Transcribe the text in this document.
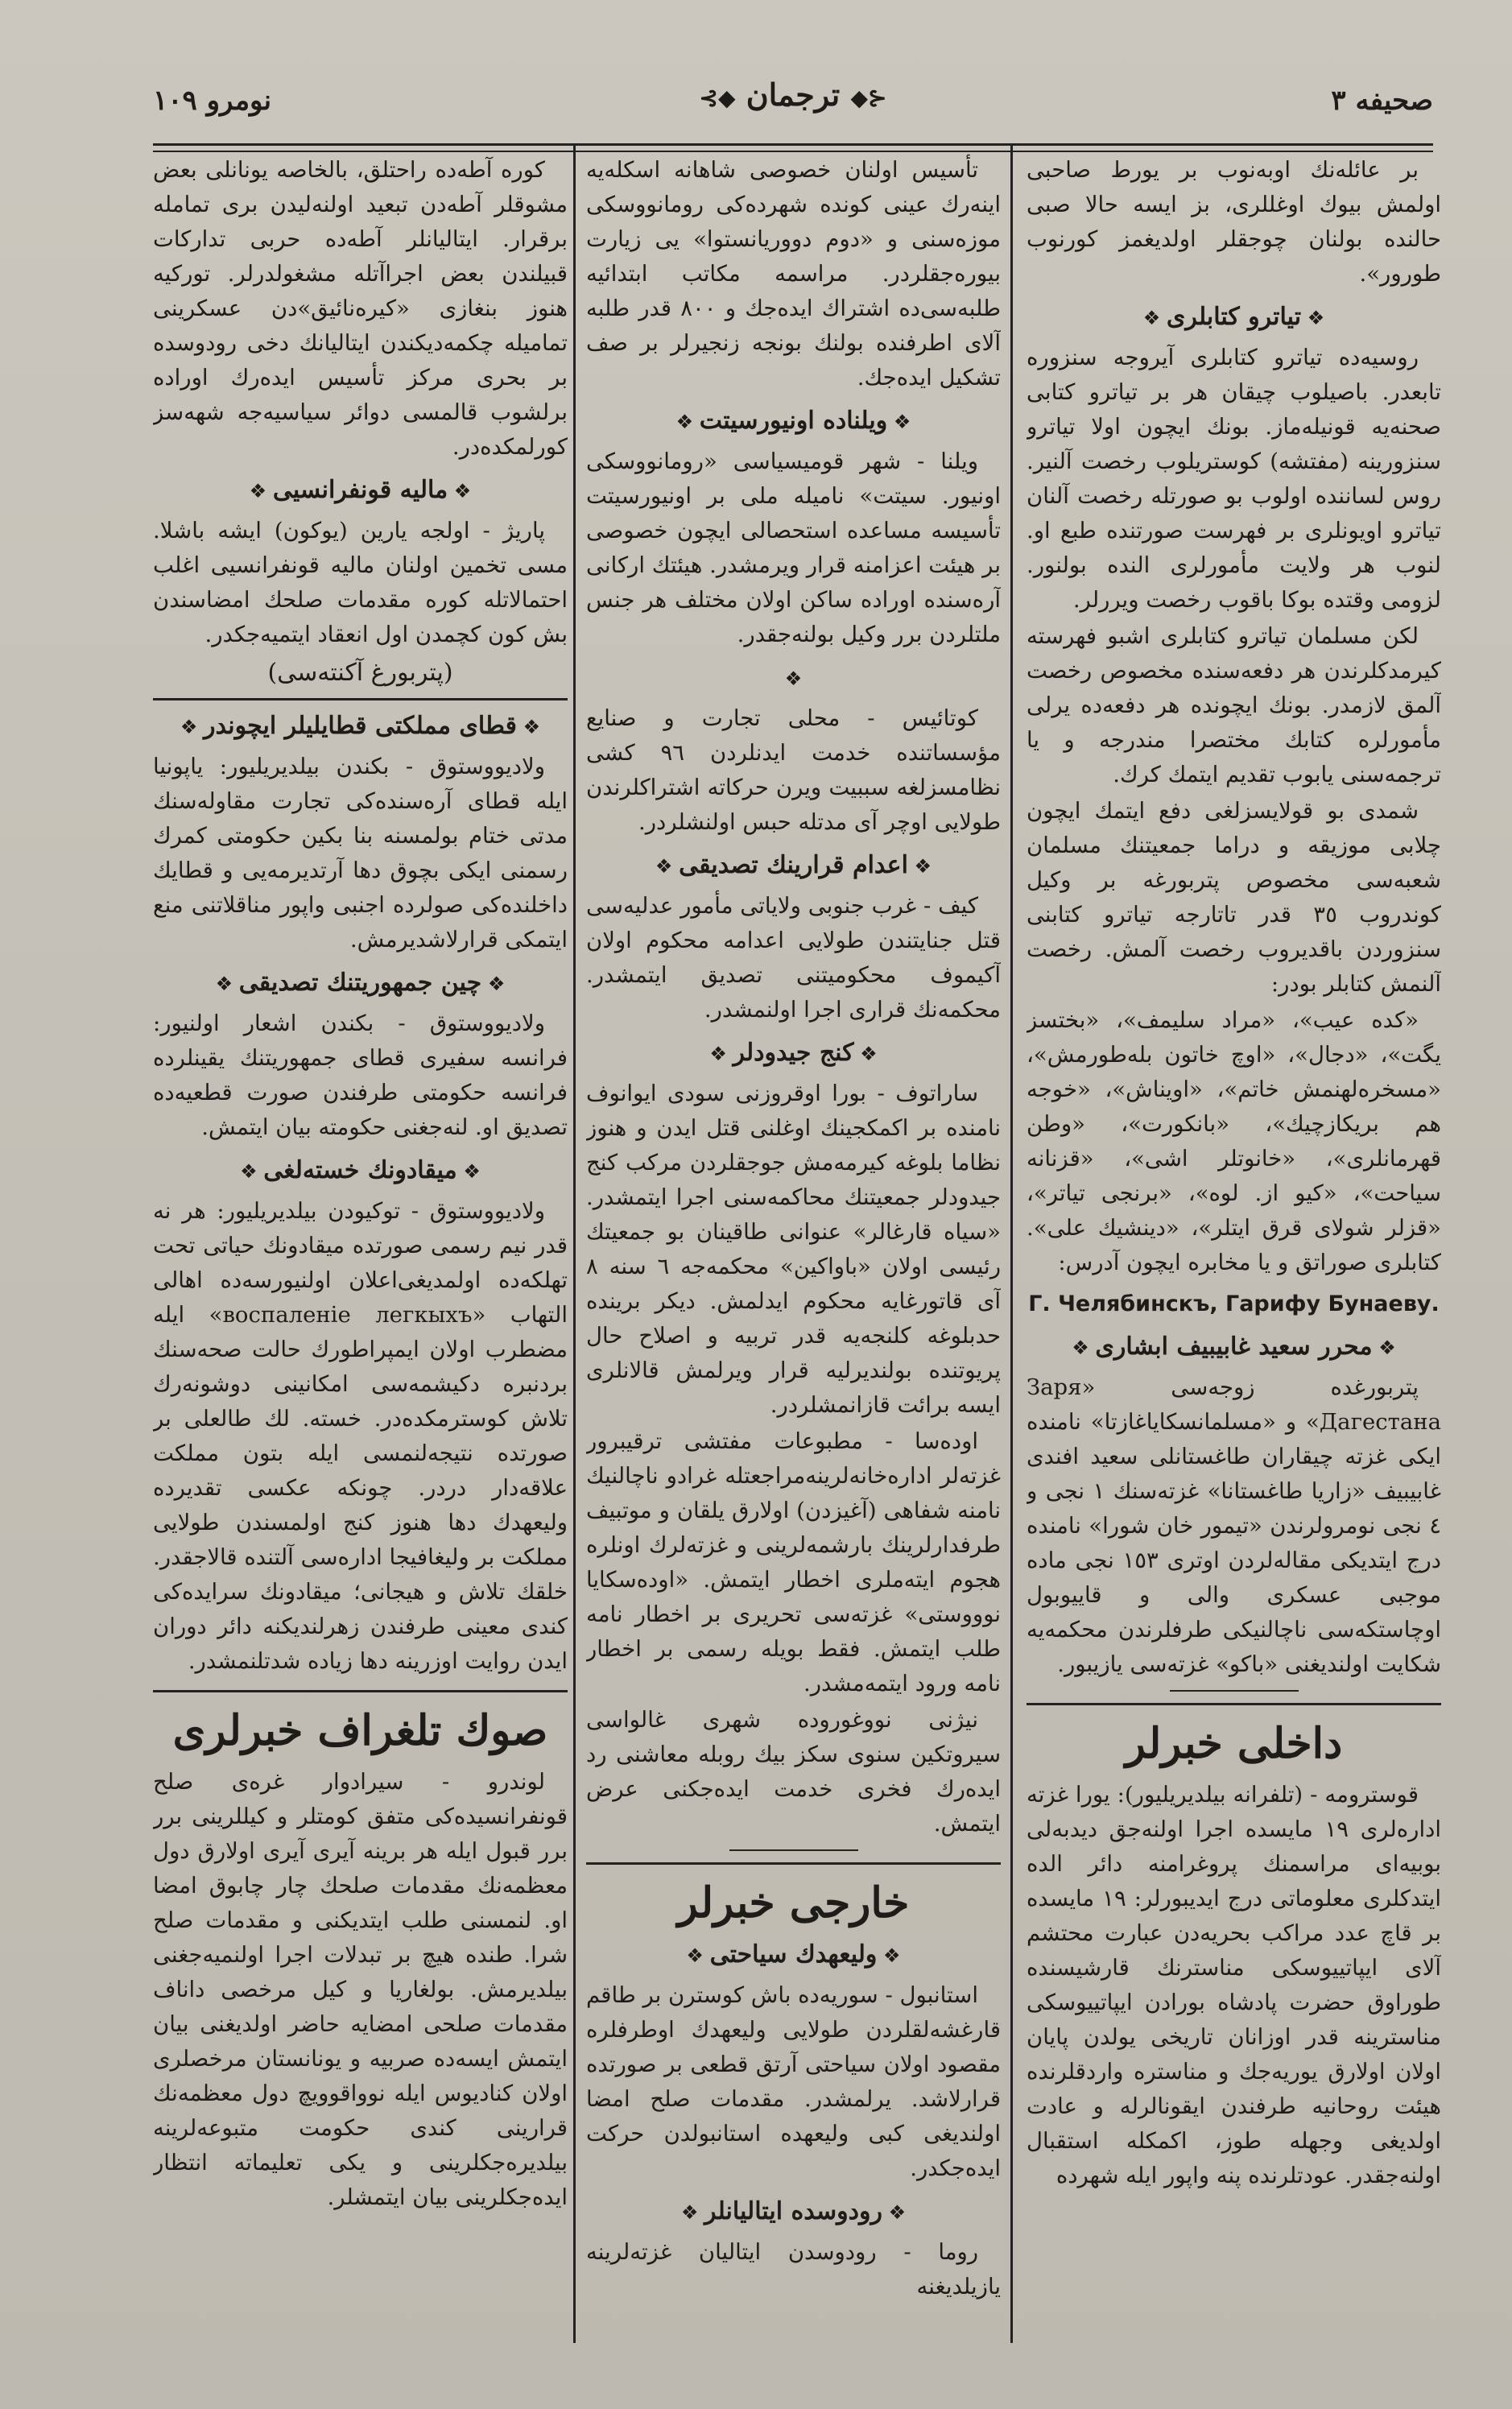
نومرو ١٠٩	⊰◆ ترجمان ◆⊱	صحیفه ٣

بر عائله‌نك اوبه‌نوب بر یورط صاحبی اولمش بیوك اوغللری، بز ایسه حالا صبی حالنده بولنان چوجقلر اولدیغمز كورنوب طورور».

❖ تیاترو كتابلری ❖

روسیه‌ده تیاترو كتابلری آیروجه سنزوره تابعدر. باصیلوب چیقان هر بر تیاترو كتابی صحنه‌یه قونیله‌ماز. بونك ایچون اولا تیاترو سنزورینه (مفتشه) كوستریلوب رخصت آلنیر. روس لساننده اولوب بو صورتله رخصت آلنان تیاترو اویونلری بر فهرست صورتنده طبع او. لنوب هر ولایت مأمورلری النده بولنور. لزومی وقتده بوكا باقوب رخصت ویررلر.

لكن مسلمان تیاترو كتابلری اشبو فهرسته كیرمدكلرندن هر دفعه‌سنده مخصوص رخصت آلمق لازمدر. بونك ایچونده هر دفعه‌ده یرلی مأمورلره كتابك مختصرا مندرجه و یا ترجمه‌سنی یابوب تقدیم ایتمك كرك.

شمدی بو قولایسزلغی دفع ایتمك ایچون چلابی موزیقه و دراما جمعیتنك مسلمان شعبه‌سی مخصوص پتربورغه بر وكیل كوندروب ٣٥ قدر تاتارجه تیاترو كتابنی سنزوردن باقدیروب رخصت آلمش. رخصت آلنمش كتابلر بودر:

«كده عیب»، «مراد سلیمف»، «بختسز یگت»، «دجال»، «اوچ خاتون بله‌طورمش»، «مسخره‌لهنمش خاتم»، «اویناش»، «خوجه هم بریكازچیك»، «بانكورت»، «وطن قهرمانلری»، «خانوتلر اشی»، «قزنانه سیاحت»، «كیو از. لوه»، «برنجی تیاتر»، «قزلر شولای قرق ایتلر»، «دینشیك علی». كتابلری صوراتق و یا مخابره ایچون آدرس:

Г. Челябинскъ, Гарифу Бунаеву.
❖ محرر سعید غابیبیف ابشاری ❖

پتربورغده زوجه‌سی «Заря Дагестана» و «مسلمانسكایاغازتا» نامنده ایكی غزته چیقاران طاغستانلی سعید افندی غابیبیف «زاریا طاغستانا» غزته‌سنك ١ نجی و ٤ نجی نومرولرندن «تیمور خان شورا» نامنده درج ایتدیكی مقاله‌لردن اوتری ١٥٣ نجی ماده موجبی عسكری والی و قاییوبول اوچاستكه‌سی ناچالنیكی طرفلرندن محكمه‌یه شكایت اولندیغنی «باكو» غزته‌سی یازیبور.

داخلی خبرلر

قوسترومه - (تلفرانه بیلدیریلیور): یورا غزته ادارەلری ١٩ مایسده اجرا اولنه‌جق دیدبه‌لی بوبیه‌ای مراسمنك پروغرامنه دائر الده ایتدكلری معلوماتی درج ایدیبورلر: ١٩ مایسده بر قاچ عدد مراكب بحریه‌دن عبارت محتشم آلای ایپاتییوسكی مناسترنك قارشیسنده طوراوق حضرت پادشاه بورادن ایپاتییوسكی مناسترینه قدر اوزانان تاریخی یولدن پایان اولان اولارق یوریه‌جك و مناستره واردقلرنده هیئت روحانیه طرفندن ایقونالرله و عادت اولدیغی وجهله طوز، اكمكله استقبال اولنه‌جقدر. عودتلرنده پنه واپور ایله شهرده

تأسیس اولنان خصوصی شاهانه اسكله‌یه اینه‌رك عینی كونده شهرده‌كی رومانووسكی موزه‌سنی و «دوم دووریانستوا» یی زیارت بیوره‌جقلردر. مراسمه مكاتب ابتدائیه طلبه‌سی‌ده اشتراك ایده‌جك و ٨٠٠ قدر طلبه آلای اطرفنده بولنك بونجه زنجیرلر بر صف تشكیل ایده‌جك.

❖ ویلناده اونیورسیتت ❖

ویلنا - شهر قومیسیاسی «رومانووسكی اونیور. سیتت» نامیله ملی بر اونیورسیتت تأسیسه مساعده استحصالی ایچون خصوصی بر هیئت اعزامنه قرار ویرمشدر. هیئتك اركانی آرەسنده اوراده ساكن اولان مختلف هر جنس ملتلردن برر وكیل بولنه‌جقدر.

❖

كوتائیس - محلی تجارت و صنایع مؤسساتنده خدمت ایدنلردن ٩٦ كشی نظامسزلغه سببیت ویرن حركاته اشتراكلرندن طولایی اوچر آی مدتله حبس اولنشلردر.

❖ اعدام قرارینك تصدیقی ❖

كیف - غرب جنوبی ولایاتی مأمور عدلیه‌سی قتل جنایتندن طولایی اعدامه محكوم اولان آكیموف محكومیتنی تصدیق ایتمشدر. محكمه‌نك قراری اجرا اولنمشدر.

❖ كنج جیدودلر ❖

ساراتوف - بورا اوقروزنی سودی ایوانوف نامنده بر اكمكجینك اوغلنی قتل ایدن و هنوز نظاما بلوغه كیرمه‌مش جوجقلردن مركب كنج جیدودلر جمعیتنك محاكمه‌سنی اجرا ایتمشدر. «سیاه قارغالر» عنوانی طاقینان بو جمعیتك رئیسی اولان «باواكین» محكمه‌جه ٦ سنه ٨ آی قاتورغایه محكوم ایدلمش. دیكر برینده حدبلوغه كلنجه‌یه قدر تربیه و اصلاح حال پریوتنده بولندیرلیه قرار ویرلمش قالانلری ایسه برائت قازانمشلردر.

اودەسا - مطبوعات مفتشی ترقیبرور غزته‌لر اداره‌خانه‌لرینه‌مراجعتله غرادو ناچالنیك نامنه شفاهی (آغیزدن) اولارق یلقان و موتبیف طرفدارلرینك بارشمەلرینی و غزته‌لرك اونلره هجوم ایته‌ملری اخطار ایتمش. «اودەسكایا نوووستی» غزته‌سی تحریری بر اخطار نامه طلب ایتمش. فقط بویله رسمی بر اخطار نامه ورود ایتمه‌مشدر.

نیژنی نووغوروده شهری غالواسی سیروتكین سنوی سكز بیك روبله معاشنی رد ایده‌رك فخری خدمت ایده‌جكنی عرض ایتمش.

خارجی خبرلر
❖ ولیعهدك سیاحتی ❖

استانبول - سوریه‌ده باش كوسترن بر طاقم قارغشه‌لقلردن طولایی ولیعهدك اوطرفلره مقصود اولان سیاحتی آرتق قطعی بر صورتده قرارلاشد. یرلمشدر. مقدمات صلح امضا اولندیغی كبی ولیعهده استانبولدن حركت ایده‌جكدر.

❖ رودوسده ایتالیانلر ❖

روما - رودوسدن ایتالیان غزته‌لرینه یازیلدیغنه

كوره آطه‌ده راحتلق، بالخاصه یونانلی بعض مشوقلر آطه‌دن تبعید اولنه‌لیدن بری تماملە برقرار. ایتالیانلر آطه‌ده حربی تدارکات قبیلندن بعض اجراآتله مشغولدرلر. توركیه هنوز بنغازی «كیرەنائیق»دن عسكرینی تمامیله چكمه‌دیكندن ایتالیانك دخی رودوسده بر بحری مركز تأسیس ایده‌رك اوراده برلشوب قالمسی دوائر سیاسیه‌جه شهه‌سز كورلمكده‌در.

❖ مالیه قونفرانسیی ❖

پاریژ - اولجه یارین (یوكون) ایشه باشلا. مسی تخمین اولنان مالیه قونفرانسیی اغلب احتمالاتله كوره مقدمات صلحك امضاسندن بش كون كچمدن اول انعقاد ایتمیه‌جكدر.

(پتربورغ آكنته‌سی)
❖ قطای مملكتی قطایلیلر ایچوندر ❖

ولادیووستوق - بكندن بیلدیریلیور: یاپونیا ایله قطای آرەسنده‌كی تجارت مقاوله‌سنك مدتی ختام بولمسنه بنا بكین حكومتی كمرك رسمنی ایكی بچوق دها آرتدیرمه‌یی و قطایك داخلنده‌كی صولرده اجنبی واپور مناقلاتنی منع ایتمكی قرارلاشدیرمش.

❖ چین جمهوریتنك تصدیقی ❖

ولادیووستوق - بكندن اشعار اولنیور: فرانسه سفیری قطای جمهوریتنك یقینلرده فرانسه حكومتی طرفندن صورت قطعیه‌ده تصدیق او. لنه‌جغنی حكومته بیان ایتمش.

❖ میقادونك خسته‌لغی ❖

ولادیووستوق - توكیودن بیلدیریلیور: هر نه قدر نیم رسمی صورتده میقادونك حیاتی تحت تهلكه‌ده اولمدیغی‌اعلان اولنیورسه‌ده اهالی التهاب «воспаленіе легкыхъ» ایله مضطرب اولان ایمپراطورك حالت صحه‌سنك بردنبره دكیشمه‌سی امكانینی دوشونه‌رك تلاش كوسترمكده‌در. خسته. لك طالعلی بر صورتده نتیجه‌لنمسی ایله بتون مملكت علاقه‌دار دردر. چونكه عكسی تقدیرده ولیعهدك دها هنوز كنج اولمسندن طولایی مملكت بر ولیغافیجا ادارەسی آلتنده قالاجقدر. خلقك تلاش و هیجانی؛ میقادونك سرایده‌كی كندی معینی طرفندن زهرلندیكنه دائر دوران ایدن روایت اوزرینه دها زیاده شدتلنمشدر.

صوك تلغراف خبرلری

لوندرو - سیرادوار غرەی صلح قونفرانسیده‌كی متفق كومتلر و كیللرینی برر برر قبول ایله هر برینه آیری آیری اولارق دول معظمه‌نك مقدمات صلحك چار چابوق امضا او. لنمسنی طلب ایتدیكنی و مقدمات صلح شرا. طنده هیچ بر تبدلات اجرا اولنمیه‌جغنی بیلدیرمش. بولغاریا و كیل مرخصی داناف مقدمات صلحی امضایه حاضر اولدیغنی بیان ایتمش ایسه‌ده صربیه و یونانستان مرخصلری اولان كنادیوس ایله نوواقوویچ دول معظمه‌نك قرارینی كندی حكومت متبوعەلرینه بیلدیره‌جكلرینی و یكی تعلیماته انتظار ایده‌جكلرینی بیان ایتمشلر.
